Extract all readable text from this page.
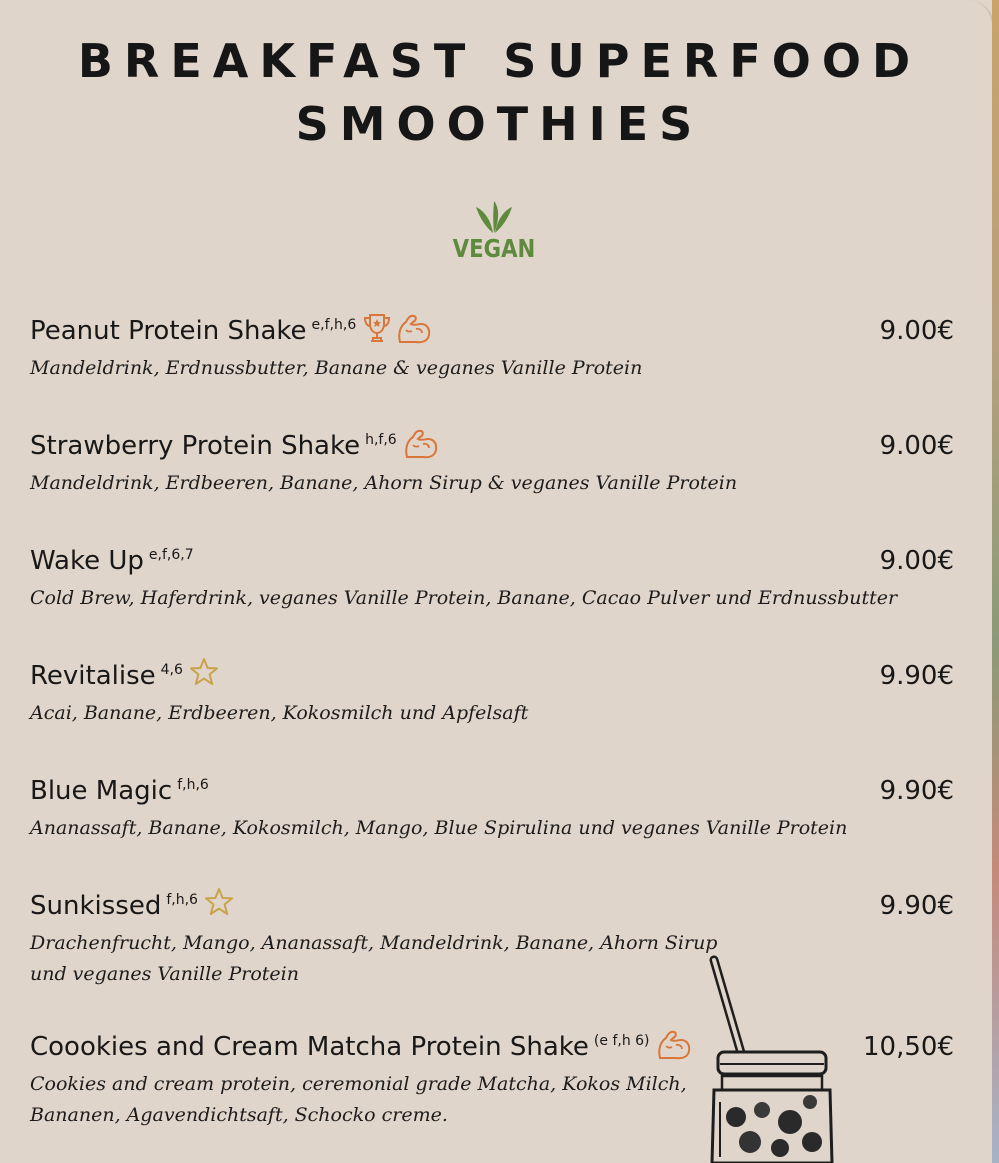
BREAKFAST SUPERFOOD
SMOOTHIES
VEGAN
Peanut Protein Shake e,f,h,6	9.00€
Mandeldrink, Erdnussbutter, Banane & veganes Vanille Protein
Strawberry Protein Shake h,f,6	9.00€
Mandeldrink, Erdbeeren, Banane, Ahorn Sirup & veganes Vanille Protein
Wake Up e,f,6,7	9.00€
Cold Brew, Haferdrink, veganes Vanille Protein, Banane, Cacao Pulver und Erdnussbutter
Revitalise 4,6	9.90€
Acai, Banane, Erdbeeren, Kokosmilch und Apfelsaft
Blue Magic f,h,6	9.90€
Ananassaft, Banane, Kokosmilch, Mango, Blue Spirulina und veganes Vanille Protein
Sunkissed f,h,6	9.90€
Drachenfrucht, Mango, Ananassaft, Mandeldrink, Banane, Ahorn Sirup
und veganes Vanille Protein
Coookies and Cream Matcha Protein Shake (e f,h 6)	10,50€
Cookies and cream protein, ceremonial grade Matcha, Kokos Milch,
Bananen, Agavendichtsaft, Schocko creme.
